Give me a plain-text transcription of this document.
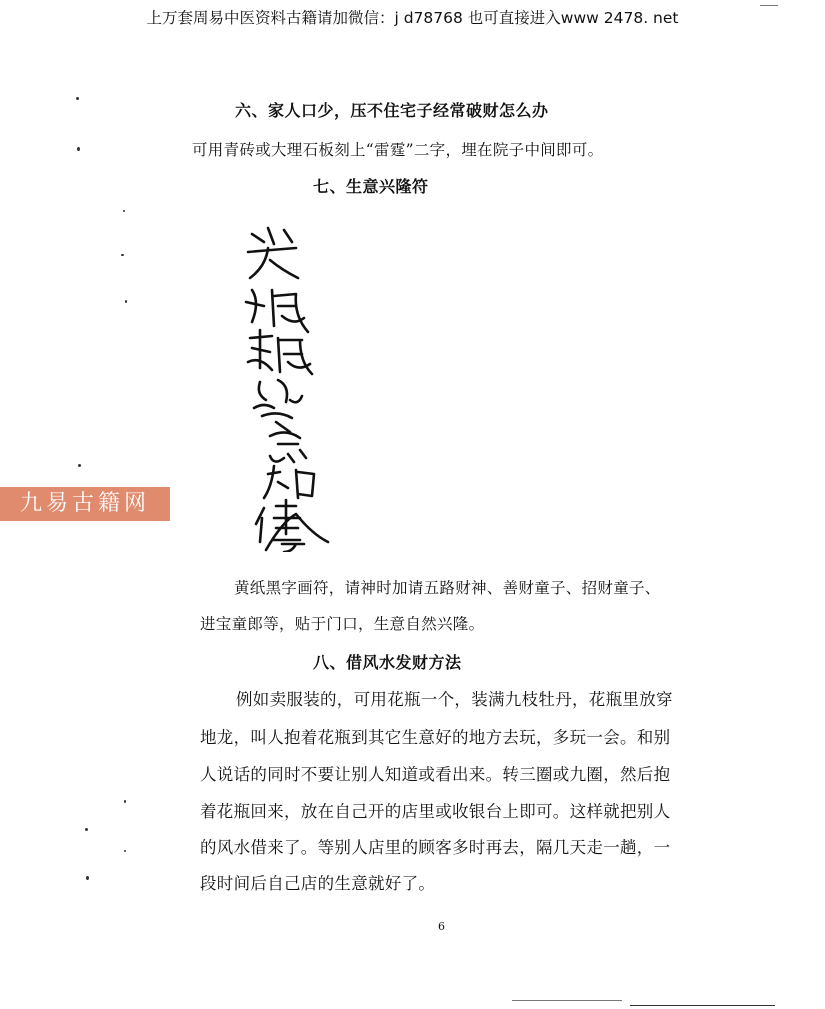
上万套周易中医资料古籍请加微信：j d78768 也可直接进入www 2478. net
六、家人口少，压不住宅子经常破财怎么办
可用青砖或大理石板刻上“雷霆”二字，埋在院子中间即可。
七、生意兴隆符
九易古籍网
黄纸黑字画符，请神时加请五路财神、善财童子、招财童子、
进宝童郎等，贴于门口，生意自然兴隆。
八、借风水发财方法
例如卖服装的，可用花瓶一个，装满九枝牡丹，花瓶里放穿
地龙，叫人抱着花瓶到其它生意好的地方去玩，多玩一会。和别
人说话的同时不要让别人知道或看出来。转三圈或九圈，然后抱
着花瓶回来，放在自己开的店里或收银台上即可。这样就把别人
的风水借来了。等别人店里的顾客多时再去，隔几天走一趟，一
段时间后自己店的生意就好了。
6
